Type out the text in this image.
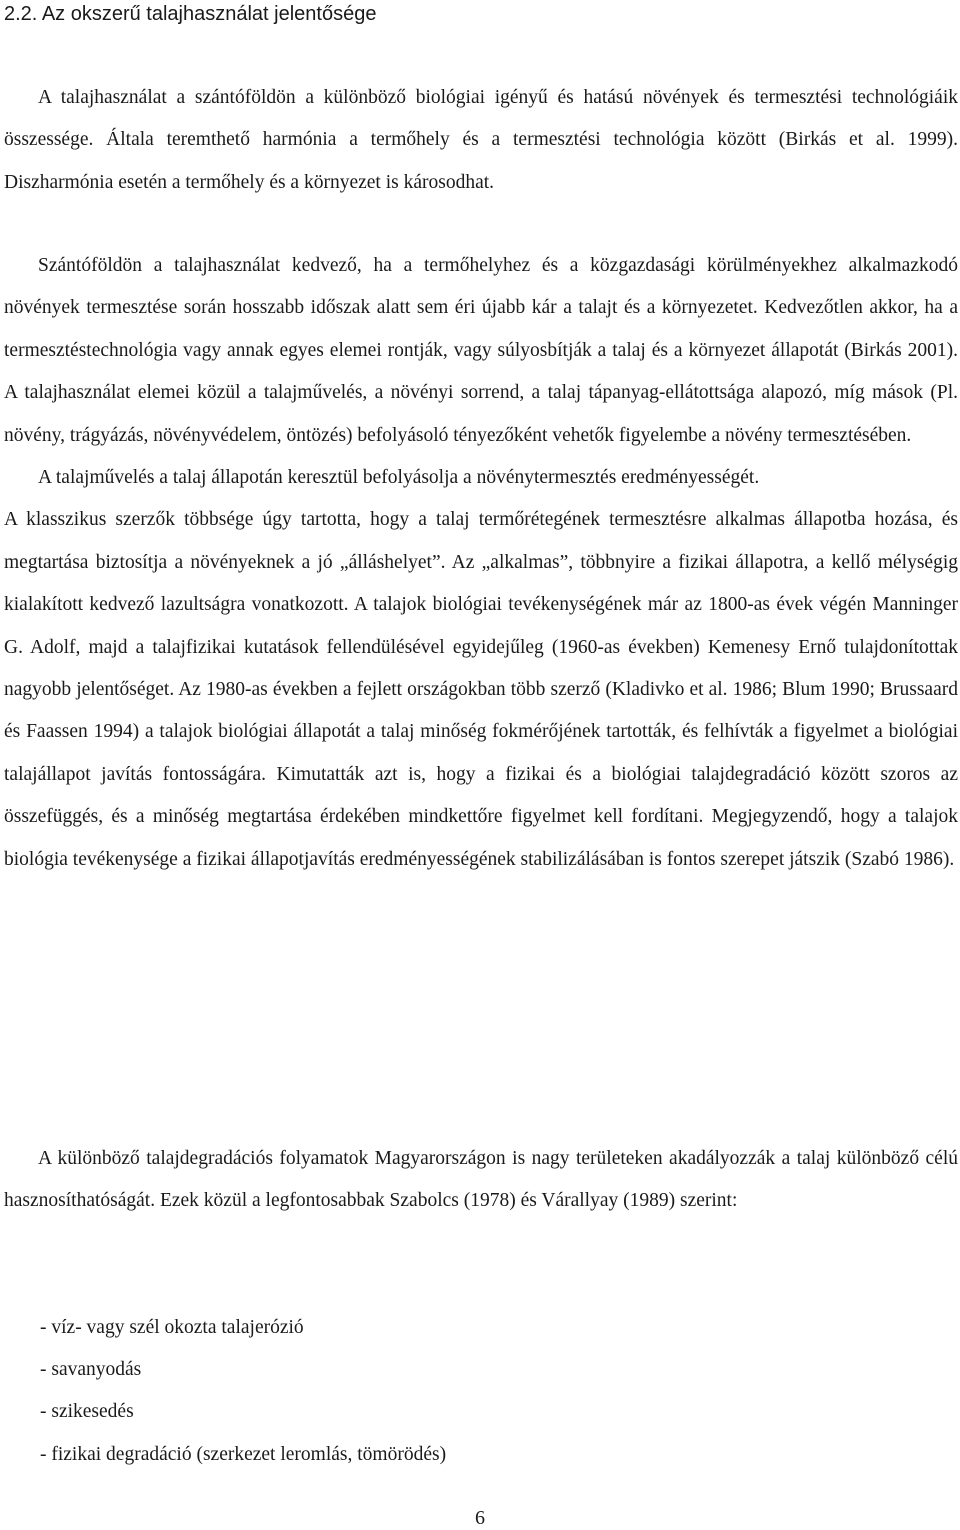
2.2. Az okszerű talajhasználat jelentősége

A talajhasználat a szántóföldön a különböző biológiai igényű és hatású növények és termesztési technológiáik összessége. Általa teremthető harmónia a termőhely és a termesztési technológia között (Birkás et al. 1999). Diszharmónia esetén a termőhely és a környezet is károsodhat.

Szántóföldön a talajhasználat kedvező, ha a termőhelyhez és a közgazdasági körülményekhez alkalmazkodó növények termesztése során hosszabb időszak alatt sem éri újabb kár a talajt és a környezetet. Kedvezőtlen akkor, ha a termesztéstechnológia vagy annak egyes elemei rontják, vagy súlyosbítják a talaj és a környezet állapotát (Birkás 2001). A talajhasználat elemei közül a talajművelés, a növényi sorrend, a talaj tápanyag-ellátottsága alapozó, míg mások (Pl. növény, trágyázás, növényvédelem, öntözés) befolyásoló tényezőként vehetők figyelembe a növény termesztésében.
A talajművelés a talaj állapotán keresztül befolyásolja a növénytermesztés eredményességét.
A klasszikus szerzők többsége úgy tartotta, hogy a talaj termőrétegének termesztésre alkalmas állapotba hozása, és megtartása biztosítja a növényeknek a jó „álláshelyet”. Az „alkalmas”, többnyire a fizikai állapotra, a kellő mélységig kialakított kedvező lazultságra vonatkozott. A talajok biológiai tevékenységének már az 1800-as évek végén Manninger G. Adolf, majd a talajfizikai kutatások fellendülésével egyidejűleg (1960-as években) Kemenesy Ernő tulajdonítottak nagyobb jelentőséget. Az 1980-as években a fejlett országokban több szerző (Kladivko et al. 1986; Blum 1990; Brussaard és Faassen 1994) a talajok biológiai állapotát a talaj minőség fokmérőjének tartották, és felhívták a figyelmet a biológiai talajállapot javítás fontosságára. Kimutatták azt is, hogy a fizikai és a biológiai talajdegradáció között szoros az összefüggés, és a minőség megtartása érdekében mindkettőre figyelmet kell fordítani. Megjegyzendő, hogy a talajok biológia tevékenysége a fizikai állapotjavítás eredményességének stabilizálásában is fontos szerepet játszik (Szabó 1986).

A különböző talajdegradációs folyamatok Magyarországon is nagy területeken akadályozzák a talaj különböző célú hasznosíthatóságát. Ezek közül a legfontosabbak Szabolcs (1978) és Várallyay (1989) szerint:

- víz- vagy szél okozta talajerózió
- savanyodás
- szikesedés
- fizikai degradáció (szerkezet leromlás, tömörödés)
6
